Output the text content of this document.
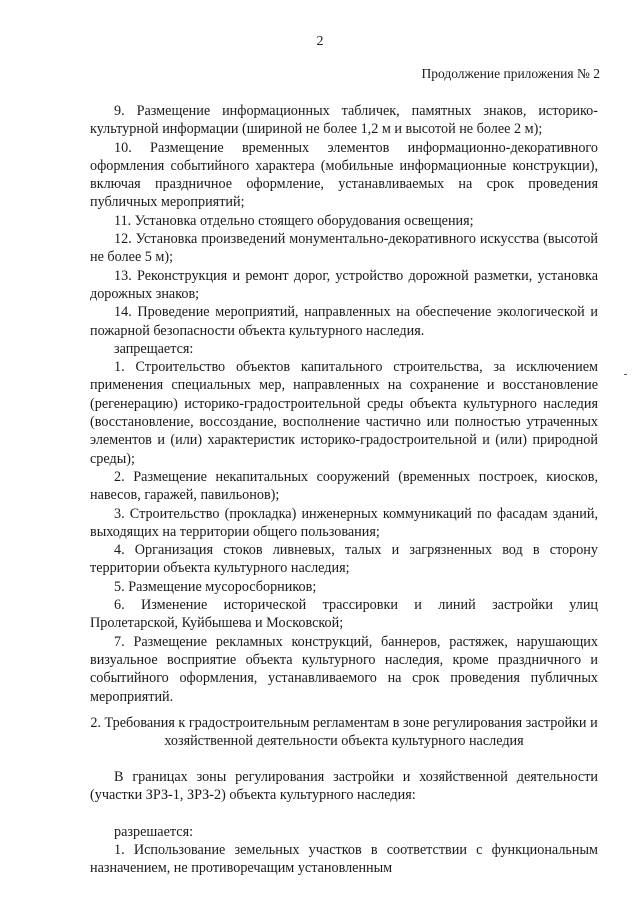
2
Продолжение приложения № 2

9. Размещение информационных табличек, памятных знаков, историко-культурной информации (шириной не более 1,2 м и высотой не более 2 м);

10. Размещение временных элементов информационно-декоративного оформления событийного характера (мобильные информационные конструкции), включая праздничное оформление, устанавливаемых на срок проведения публичных мероприятий;

11. Установка отдельно стоящего оборудования освещения;

12. Установка произведений монументально-декоративного искусства (высотой не более 5 м);

13. Реконструкция и ремонт дорог, устройство дорожной разметки, установка дорожных знаков;

14. Проведение мероприятий, направленных на обеспечение экологической и пожарной безопасности объекта культурного наследия.

запрещается:

1. Строительство объектов капитального строительства, за исключением применения специальных мер, направленных на сохранение и восстановление (регенерацию) историко-градостроительной среды объекта культурного наследия (восстановление, воссоздание, восполнение частично или полностью утраченных элементов и (или) характеристик историко-градостроительной и (или) природной среды);

2. Размещение некапитальных сооружений (временных построек, киосков, навесов, гаражей, павильонов);

3. Строительство (прокладка) инженерных коммуникаций по фасадам зданий, выходящих на территории общего пользования;

4. Организация стоков ливневых, талых и загрязненных вод в сторону территории объекта культурного наследия;

5. Размещение мусоросборников;

6. Изменение исторической трассировки и линий застройки улиц Пролетарской, Куйбышева и Московской;

7. Размещение рекламных конструкций, баннеров, растяжек, нарушающих визуальное восприятие объекта культурного наследия, кроме праздничного и событийного оформления, устанавливаемого на срок проведения публичных мероприятий.

2. Требования к градостроительным регламентам в зоне регулирования застройки и хозяйственной деятельности объекта культурного наследия

В границах зоны регулирования застройки и хозяйственной деятельности (участки ЗРЗ-1, ЗРЗ-2) объекта культурного наследия:

разрешается:

1. Использование земельных участков в соответствии с функциональным назначением, не противоречащим установленным
